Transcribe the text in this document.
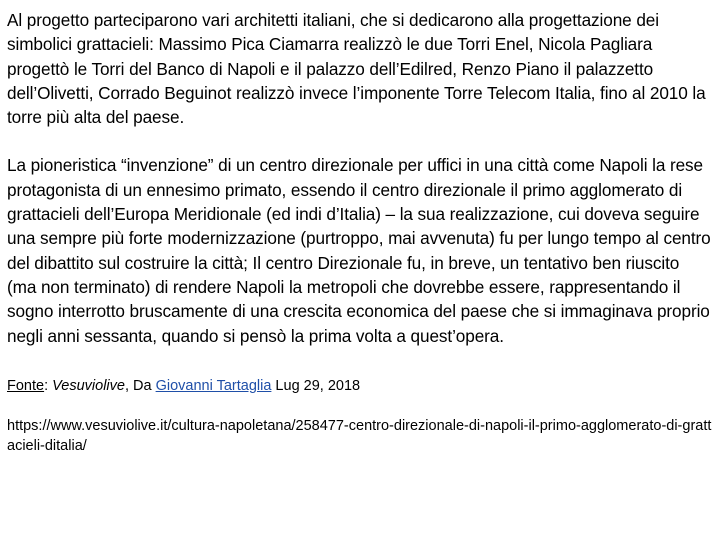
Al progetto parteciparono vari architetti italiani, che si dedicarono alla progettazione dei simbolici grattacieli: Massimo Pica Ciamarra realizzò le due Torri Enel, Nicola Pagliara progettò le Torri del Banco di Napoli e il palazzo dell’Edilred, Renzo Piano il palazzetto dell’Olivetti, Corrado Beguinot realizzò invece l’imponente Torre Telecom Italia, fino al 2010 la torre più alta del paese.

La pioneristica “invenzione” di un centro direzionale per uffici in una città come Napoli la rese protagonista di un ennesimo primato, essendo il centro direzionale il primo agglomerato di grattacieli dell’Europa Meridionale (ed indi d’Italia) – la sua realizzazione, cui doveva seguire una sempre più forte modernizzazione (purtroppo, mai avvenuta) fu per lungo tempo al centro del dibattito sul costruire la città; Il centro Direzionale fu, in breve, un tentativo ben riuscito (ma non terminato) di rendere Napoli la metropoli che dovrebbe essere, rappresentando il sogno interrotto bruscamente di una crescita economica del paese che si immaginava proprio negli anni sessanta, quando si pensò la prima volta a quest’opera.

Fonte: Vesuviolive, Da Giovanni Tartaglia Lug 29, 2018

https://www.vesuviolive.it/cultura-napoletana/258477-centro-direzionale-di-napoli-il-primo-agglomerato-di-grattacieli-ditalia/
